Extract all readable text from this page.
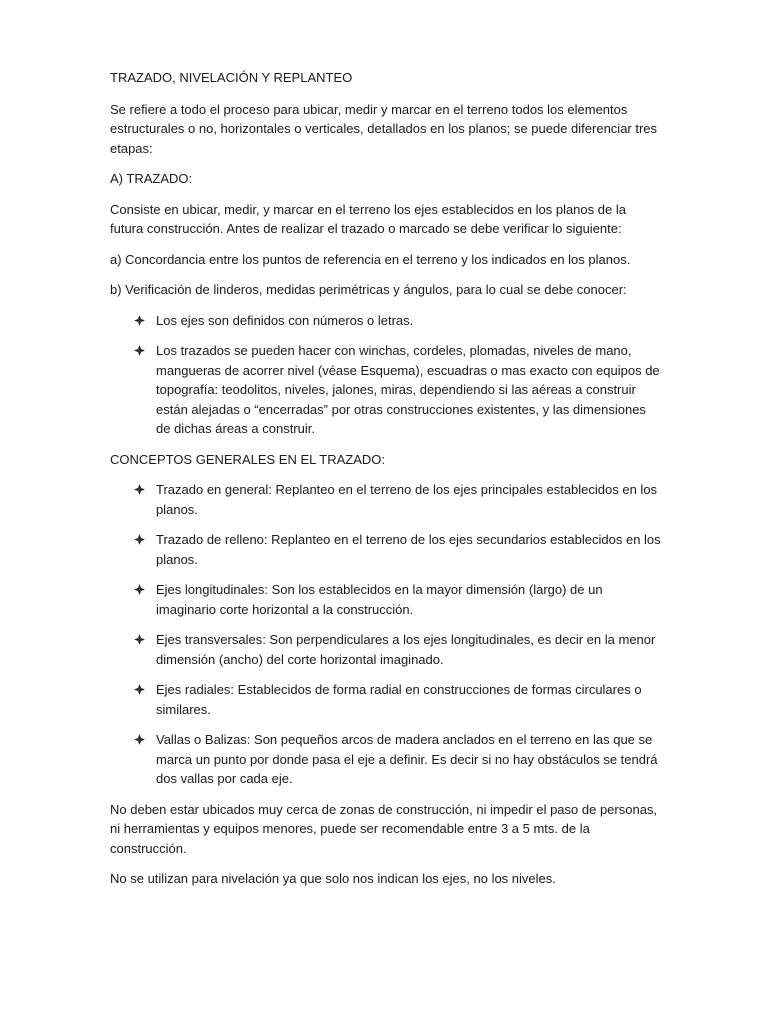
TRAZADO, NIVELACIÓN Y REPLANTEO

Se refiere a todo el proceso para ubicar, medir y marcar en el terreno todos los elementos estructurales o no, horizontales o verticales, detallados en los planos; se puede diferenciar tres etapas:

A) TRAZADO:

Consiste en ubicar, medir, y marcar en el terreno los ejes establecidos en los planos de la futura construcción. Antes de realizar el trazado o marcado se debe verificar lo siguiente:

a) Concordancia entre los puntos de referencia en el terreno y los indicados en los planos.

b) Verificación de linderos, medidas perimétricas y ángulos, para lo cual se debe conocer:

Los ejes son definidos con números o letras.
Los trazados se pueden hacer con winchas, cordeles, plomadas, niveles de mano, mangueras de acorrer nivel (véase Esquema), escuadras o mas exacto con equipos de topografía: teodolitos, niveles, jalones, miras, dependiendo si las aéreas a construir están alejadas o “encerradas” por otras construcciones existentes, y las dimensiones de dichas áreas a construir.

CONCEPTOS GENERALES EN EL TRAZADO:

Trazado en general: Replanteo en el terreno de los ejes principales establecidos en los planos.
Trazado de relleno: Replanteo en el terreno de los ejes secundarios establecidos en los planos.
Ejes longitudinales: Son los establecidos en la mayor dimensión (largo) de un imaginario corte horizontal a la construcción.
Ejes transversales: Son perpendiculares a los ejes longitudinales, es decir en la menor dimensión (ancho) del corte horizontal imaginado.
Ejes radiales: Establecidos de forma radial en construcciones de formas circulares o similares.
Vallas o Balizas: Son pequeños arcos de madera anclados en el terreno en las que se marca un punto por donde pasa el eje a definir. Es decir si no hay obstáculos se tendrá dos vallas por cada eje.

No deben estar ubicados muy cerca de zonas de construcción, ni impedir el paso de personas, ni herramientas y equipos menores, puede ser recomendable entre 3 a 5 mts. de la construcción.

No se utilizan para nivelación ya que solo nos indican los ejes, no los niveles.
